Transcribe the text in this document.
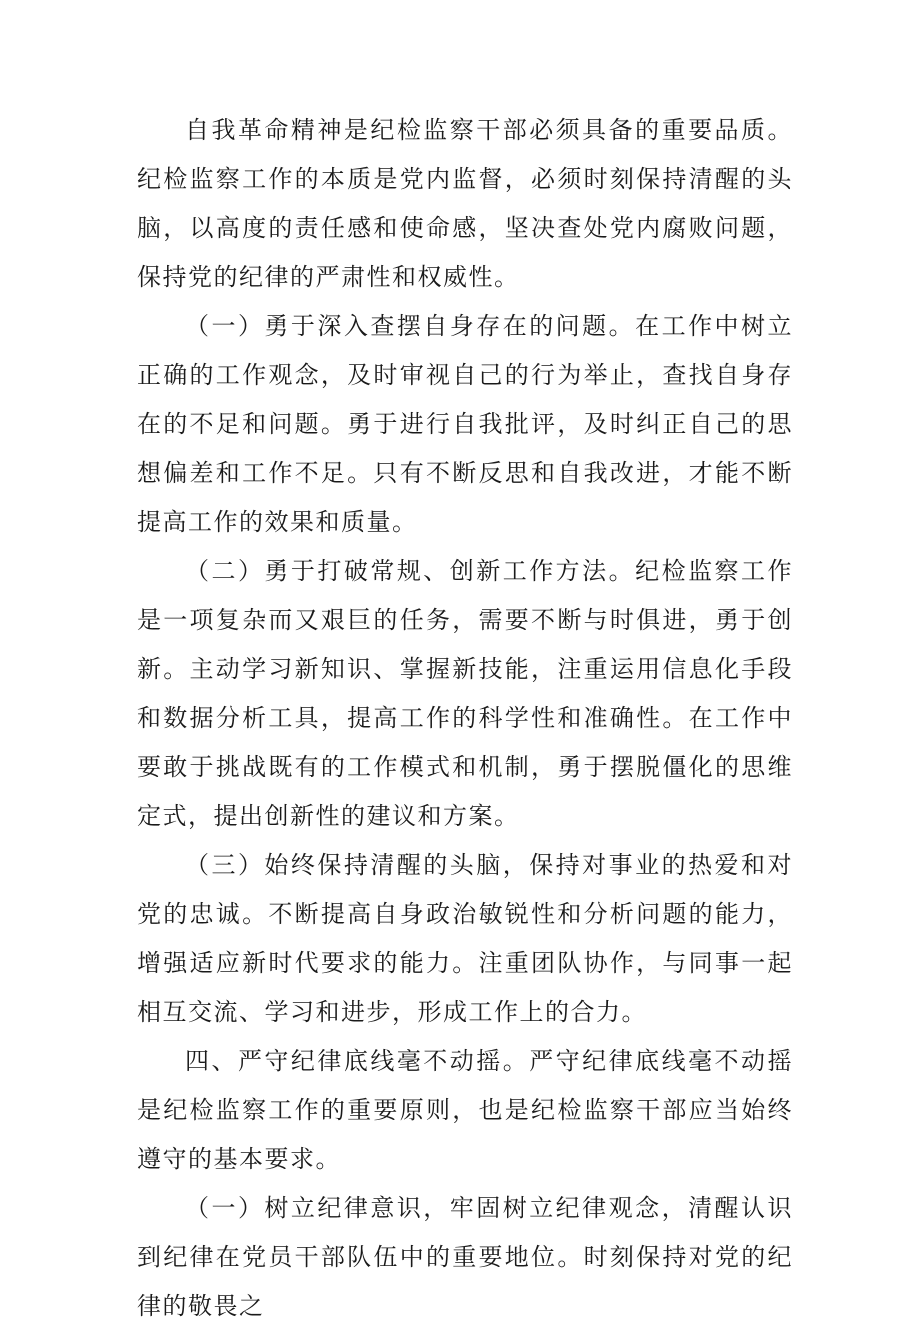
自我革命精神是纪检监察干部必须具备的重要品质。纪检监察工作的本质是党内监督，必须时刻保持清醒的头脑，以高度的责任感和使命感，坚决查处党内腐败问题，保持党的纪律的严肃性和权威性。

（一）勇于深入查摆自身存在的问题。在工作中树立正确的工作观念，及时审视自己的行为举止，查找自身存在的不足和问题。勇于进行自我批评，及时纠正自己的思想偏差和工作不足。只有不断反思和自我改进，才能不断提高工作的效果和质量。

（二）勇于打破常规、创新工作方法。纪检监察工作是一项复杂而又艰巨的任务，需要不断与时俱进，勇于创新。主动学习新知识、掌握新技能，注重运用信息化手段和数据分析工具，提高工作的科学性和准确性。在工作中要敢于挑战既有的工作模式和机制，勇于摆脱僵化的思维定式，提出创新性的建议和方案。

（三）始终保持清醒的头脑，保持对事业的热爱和对党的忠诚。不断提高自身政治敏锐性和分析问题的能力，增强适应新时代要求的能力。注重团队协作，与同事一起相互交流、学习和进步，形成工作上的合力。

四、严守纪律底线毫不动摇。严守纪律底线毫不动摇是纪检监察工作的重要原则，也是纪检监察干部应当始终遵守的基本要求。

（一）树立纪律意识，牢固树立纪律观念，清醒认识到纪律在党员干部队伍中的重要地位。时刻保持对党的纪律的敬畏之
